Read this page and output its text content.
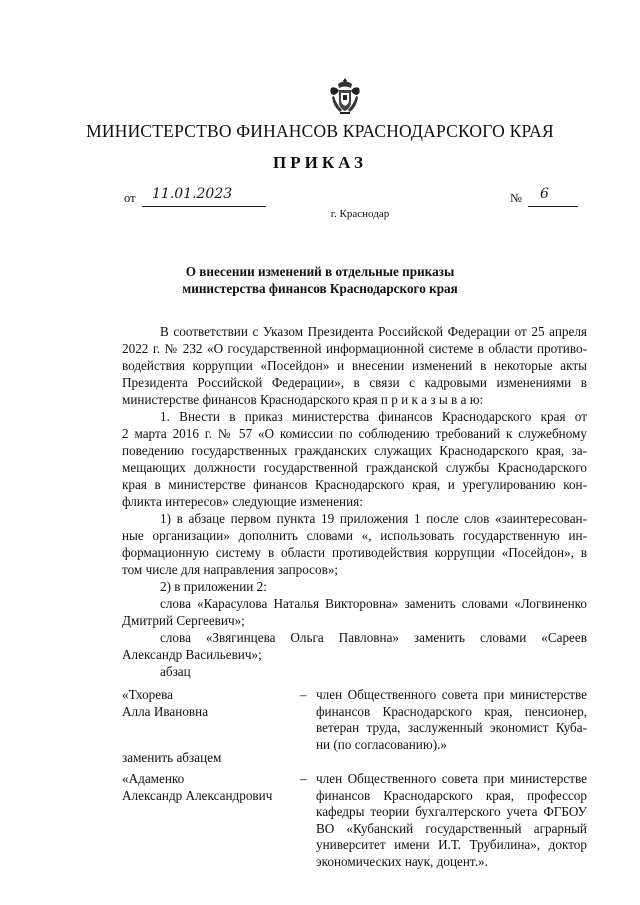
МИНИСТЕРСТВО ФИНАНСОВ КРАСНОДАРСКОГО КРАЯ
ПРИКАЗ
от 11.01.2023	№ 6
г. Краснодар
О внесении изменений в отдельные приказы
министерства финансов Краснодарского края
В соответствии с Указом Президента Российской Федерации от 25 апреля
2022 г. № 232 «О государственной информационной системе в области противо-
водействия коррупции «Посейдон» и внесении изменений в некоторые акты
Президента Российской Федерации», в связи с кадровыми изменениями в
министерстве финансов Краснодарского края п р и к а з ы в а ю:
1. Внести в приказ министерства финансов Краснодарского края от
2 марта 2016 г. № 57 «О комиссии по соблюдению требований к служебному
поведению государственных гражданских служащих Краснодарского края, за-
мещающих должности государственной гражданской службы Краснодарского
края в министерстве финансов Краснодарского края, и урегулированию кон-
фликта интересов» следующие изменения:
1) в абзаце первом пункта 19 приложения 1 после слов «заинтересован-
ные организации» дополнить словами «, использовать государственную ин-
формационную систему в области противодействия коррупции «Посейдон», в
том числе для направления запросов»;
2) в приложении 2:
слова «Карасулова Наталья Викторовна» заменить словами «Логвиненко
Дмитрий Сергеевич»;
слова «Звягинцева Ольга Павловна» заменить словами «Сареев
Александр Васильевич»;
абзац
«Тхорева
Алла Ивановна
– член Общественного совета при министерстве
финансов Краснодарского края, пенсионер,
ветеран труда, заслуженный экономист Куба-
ни (по согласованию).»
заменить абзацем
«Адаменко
Александр Александрович
– член Общественного совета при министерстве
финансов Краснодарского края, профессор
кафедры теории бухгалтерского учета ФГБОУ
ВО «Кубанский государственный аграрный
университет имени И.Т. Трубилина», доктор
экономических наук, доцент.».
